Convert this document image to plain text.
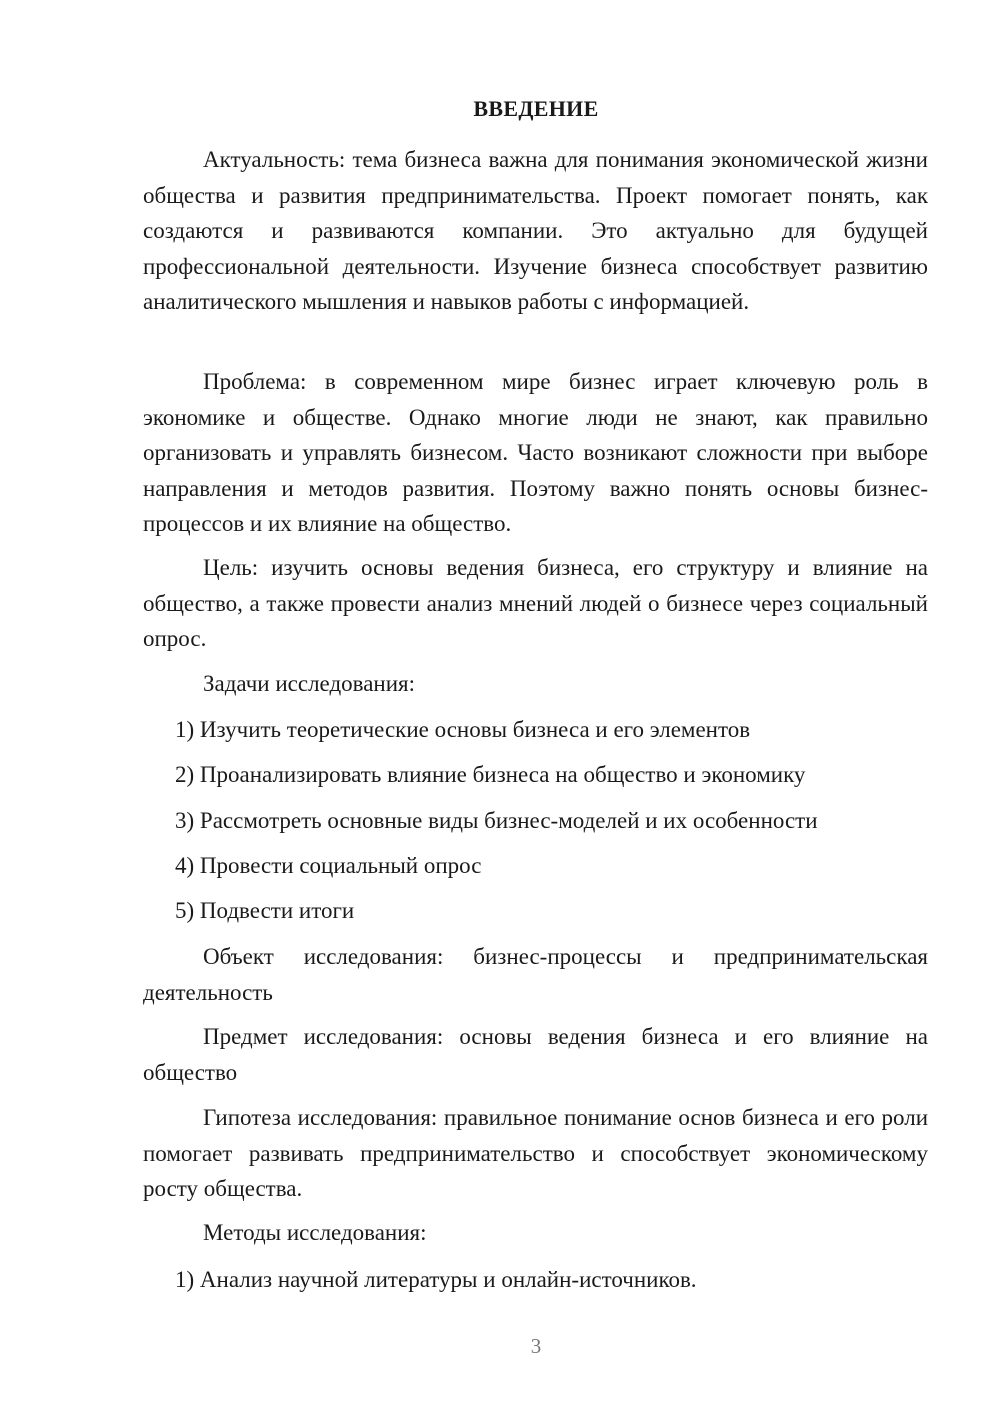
ВВЕДЕНИЕ

Актуальность: тема бизнеса важна для понимания экономической жизни общества и развития предпринимательства. Проект помогает понять, как создаются и развиваются компании. Это актуально для будущей профессиональной деятельности. Изучение бизнеса способствует развитию аналитического мышления и навыков работы с информацией.

Проблема: в современном мире бизнес играет ключевую роль в экономике и обществе. Однако многие люди не знают, как правильно организовать и управлять бизнесом. Часто возникают сложности при выборе направления и методов развития. Поэтому важно понять основы бизнес-процессов и их влияние на общество.

Цель: изучить основы ведения бизнеса, его структуру и влияние на общество, а также провести анализ мнений людей о бизнесе через социальный опрос.

Задачи исследования:

1) Изучить теоретические основы бизнеса и его элементов
2) Проанализировать влияние бизнеса на общество и экономику
3) Рассмотреть основные виды бизнес-моделей и их особенности
4) Провести социальный опрос
5) Подвести итоги

Объект исследования: бизнес-процессы и предпринимательская деятельность

Предмет исследования: основы ведения бизнеса и его влияние на общество

Гипотеза исследования: правильное понимание основ бизнеса и его роли помогает развивать предпринимательство и способствует экономическому росту общества.

Методы исследования:

1) Анализ научной литературы и онлайн-источников.
3
